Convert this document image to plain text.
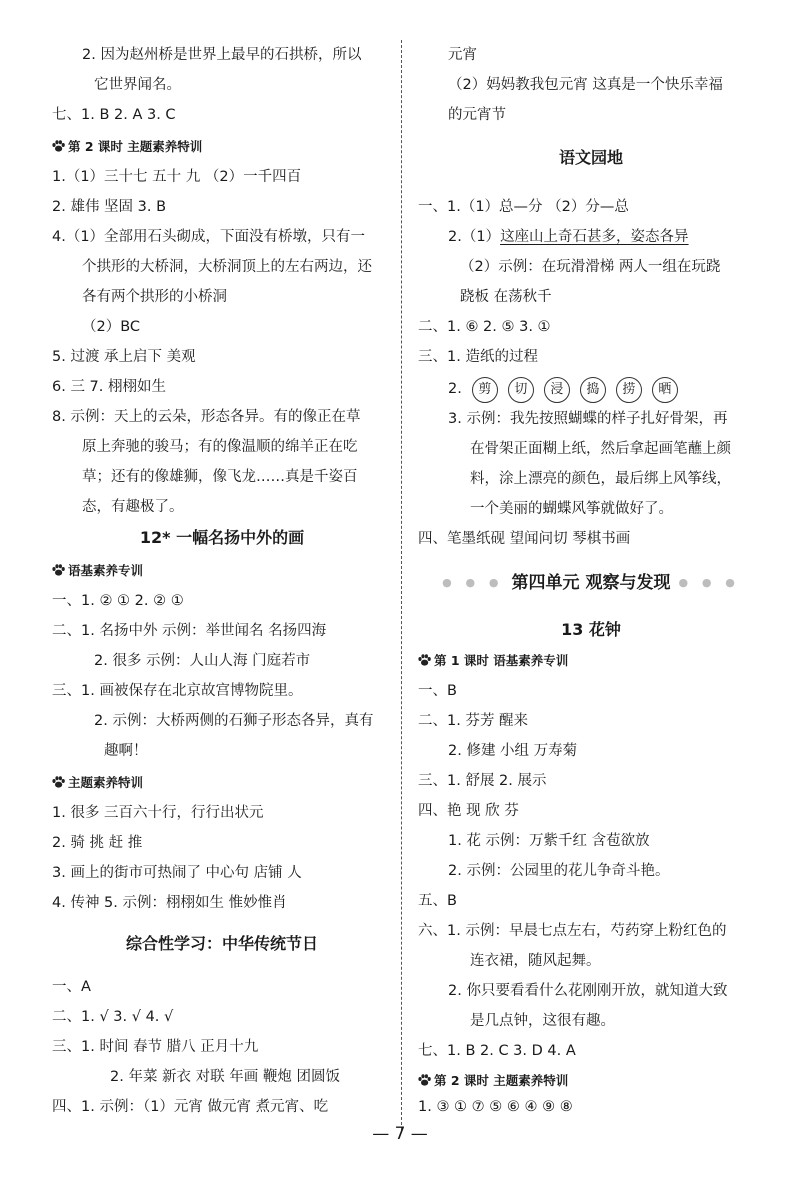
2. 因为赵州桥是世界上最早的石拱桥，所以
它世界闻名。
七、1. B 2. A 3. C
第 2 课时 主题素养特训
1.（1）三十七 五十 九 （2）一千四百
2. 雄伟 坚固 3. B
4.（1）全部用石头砌成，下面没有桥墩，只有一
个拱形的大桥洞，大桥洞顶上的左右两边，还
各有两个拱形的小桥洞
（2）BC
5. 过渡 承上启下 美观
6. 三 7. 栩栩如生
8. 示例：天上的云朵，形态各异。有的像正在草
原上奔驰的骏马；有的像温顺的绵羊正在吃
草；还有的像雄狮，像飞龙……真是千姿百
态，有趣极了。
12* 一幅名扬中外的画
语基素养专训
一、1. ② ① 2. ② ①
二、1. 名扬中外 示例：举世闻名 名扬四海
2. 很多 示例：人山人海 门庭若市
三、1. 画被保存在北京故宫博物院里。
2. 示例：大桥两侧的石狮子形态各异，真有
趣啊！
主题素养特训
1. 很多 三百六十行，行行出状元
2. 骑 挑 赶 推
3. 画上的街市可热闹了 中心句 店铺 人
4. 传神 5. 示例：栩栩如生 惟妙惟肖
综合性学习：中华传统节日
一、A
二、1. √ 3. √ 4. √
三、1. 时间 春节 腊八 正月十九
2. 年菜 新衣 对联 年画 鞭炮 团圆饭
四、1. 示例：（1）元宵 做元宵 煮元宵、吃
元宵
（2）妈妈教我包元宵 这真是一个快乐幸福
的元宵节
语文园地
一、1.（1）总—分 （2）分—总
2.（1）这座山上奇石甚多，姿态各异
（2）示例：在玩滑滑梯 两人一组在玩跷
跷板 在荡秋千
二、1. ⑥ 2. ⑤ 3. ①
三、1. 造纸的过程
2. 剪 切 浸 捣 捞 晒
3. 示例：我先按照蝴蝶的样子扎好骨架，再
在骨架正面糊上纸，然后拿起画笔蘸上颜
料，涂上漂亮的颜色，最后绑上风筝线，
一个美丽的蝴蝶风筝就做好了。
四、笔墨纸砚 望闻问切 琴棋书画
● ● ● 第四单元 观察与发现 ● ● ●
13 花钟
第 1 课时 语基素养专训
一、B
二、1. 芬芳 醒来
2. 修建 小组 万寿菊
三、1. 舒展 2. 展示
四、艳 现 欣 芬
1. 花 示例：万紫千红 含苞欲放
2. 示例：公园里的花儿争奇斗艳。
五、B
六、1. 示例：早晨七点左右，芍药穿上粉红色的
连衣裙，随风起舞。
2. 你只要看看什么花刚刚开放，就知道大致
是几点钟，这很有趣。
七、1. B 2. C 3. D 4. A
第 2 课时 主题素养特训
1. ③ ① ⑦ ⑤ ⑥ ④ ⑨ ⑧
— 7 —
